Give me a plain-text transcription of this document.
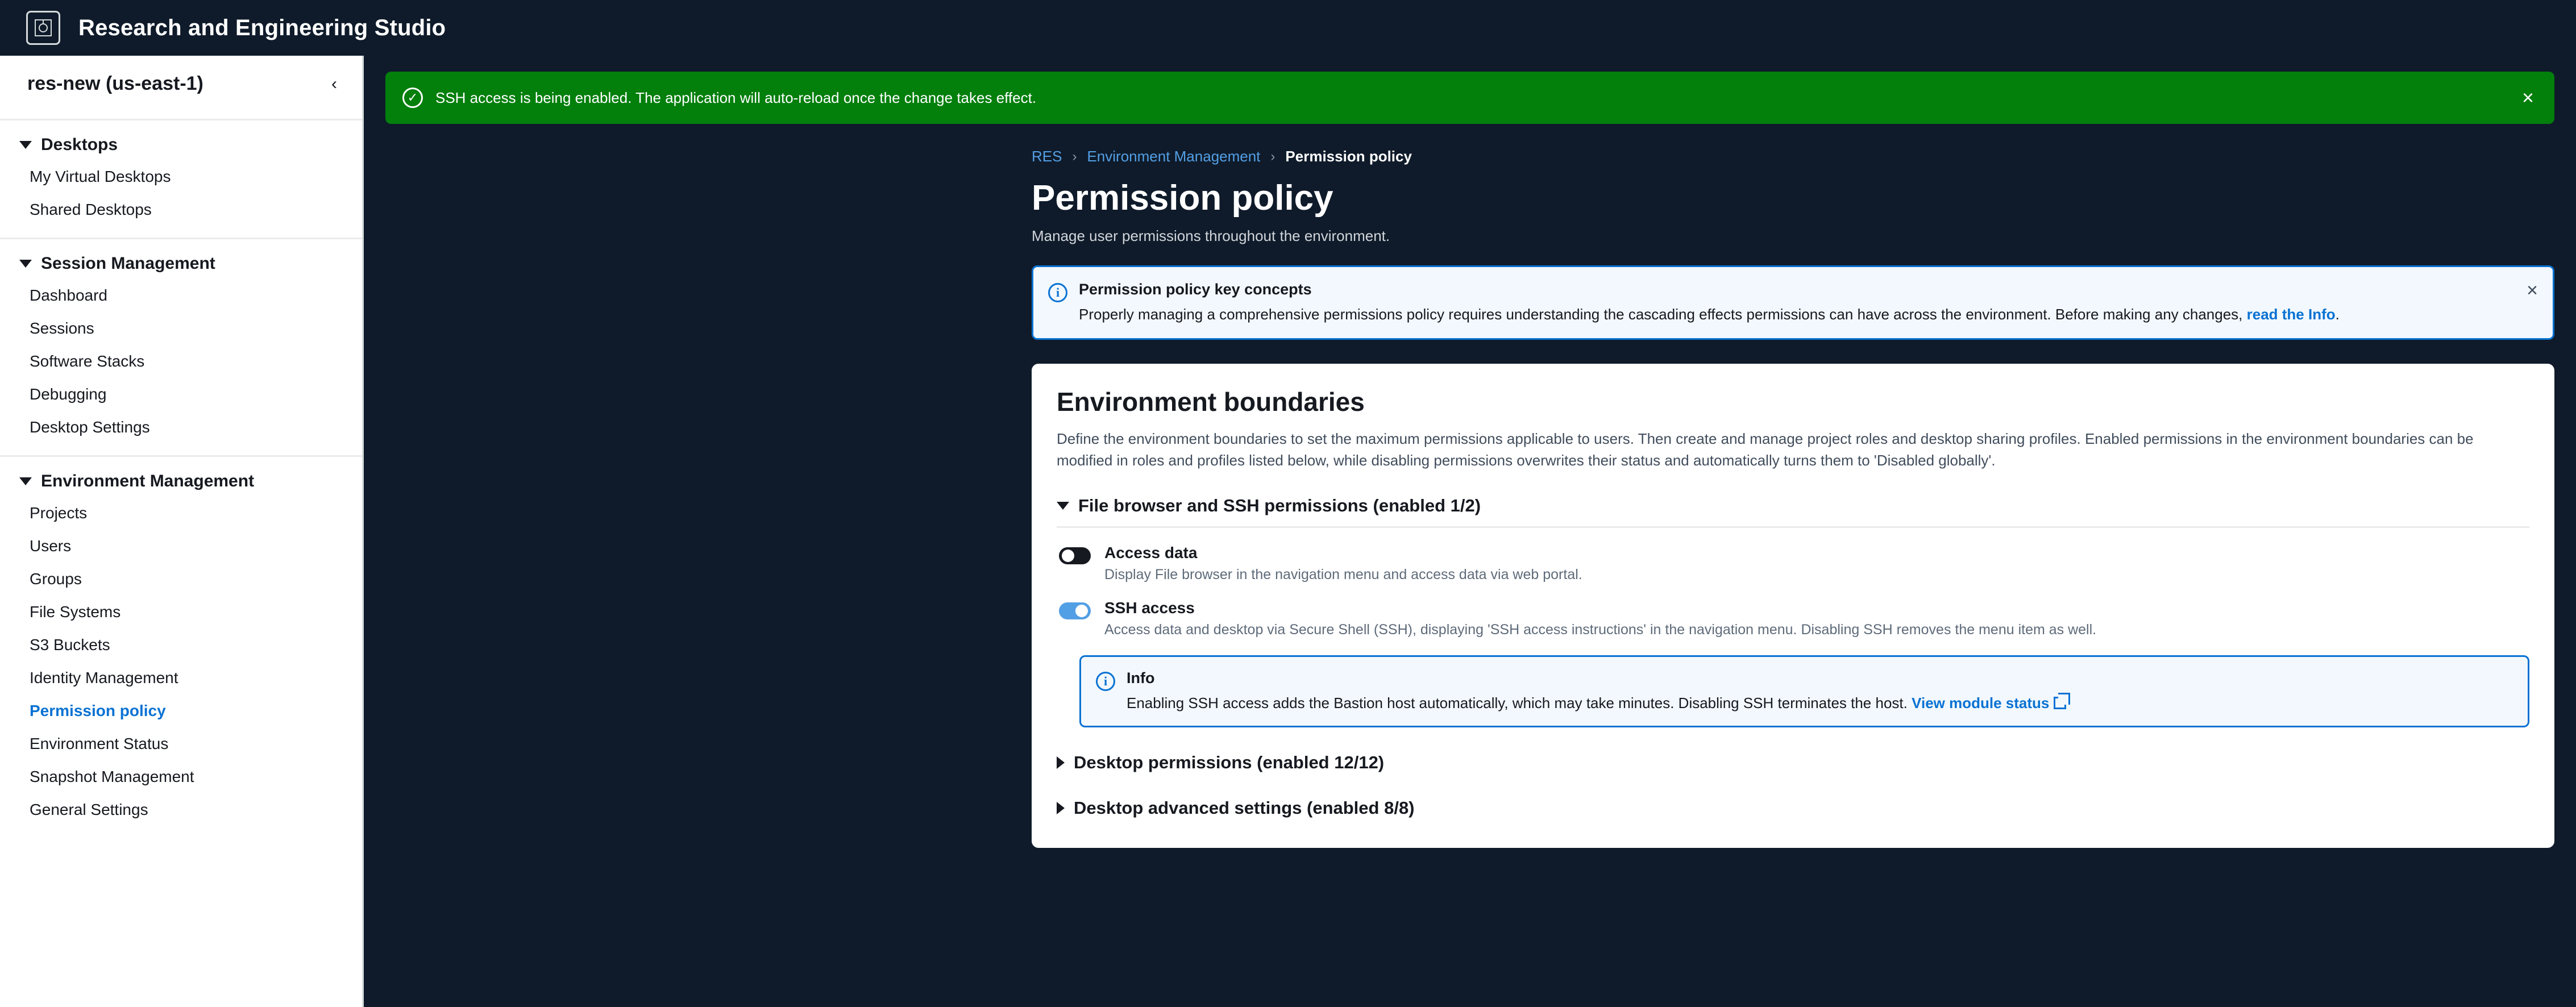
Research and Engineering Studio
res-new (us-east-1)	‹
Desktops
My Virtual Desktops
Shared Desktops
Session Management
Dashboard
Sessions
Software Stacks
Debugging
Desktop Settings
Environment Management
Projects
Users
Groups
File Systems
S3 Buckets
Identity Management
Permission policy
Environment Status
Snapshot Management
General Settings
✓	SSH access is being enabled. The application will auto-reload once the change takes effect.	×
RES › Environment Management › Permission policy
Permission policy
Manage user permissions throughout the environment.
i	Permission policy key concepts
Properly managing a comprehensive permissions policy requires understanding the cascading effects permissions can have across the environment. Before making any changes, read the Info.
×
Environment boundaries
Define the environment boundaries to set the maximum permissions applicable to users. Then create and manage project roles and desktop sharing profiles. Enabled permissions in the environment boundaries can be modified in roles and profiles listed below, while disabling permissions overwrites their status and automatically turns them to 'Disabled globally'.
File browser and SSH permissions (enabled 1/2)
Access data
Display File browser in the navigation menu and access data via web portal.
SSH access
Access data and desktop via Secure Shell (SSH), displaying 'SSH access instructions' in the navigation menu. Disabling SSH removes the menu item as well.
i	Info
Enabling SSH access adds the Bastion host automatically, which may take minutes. Disabling SSH terminates the host. View module status
Desktop permissions (enabled 12/12)
Desktop advanced settings (enabled 8/8)
